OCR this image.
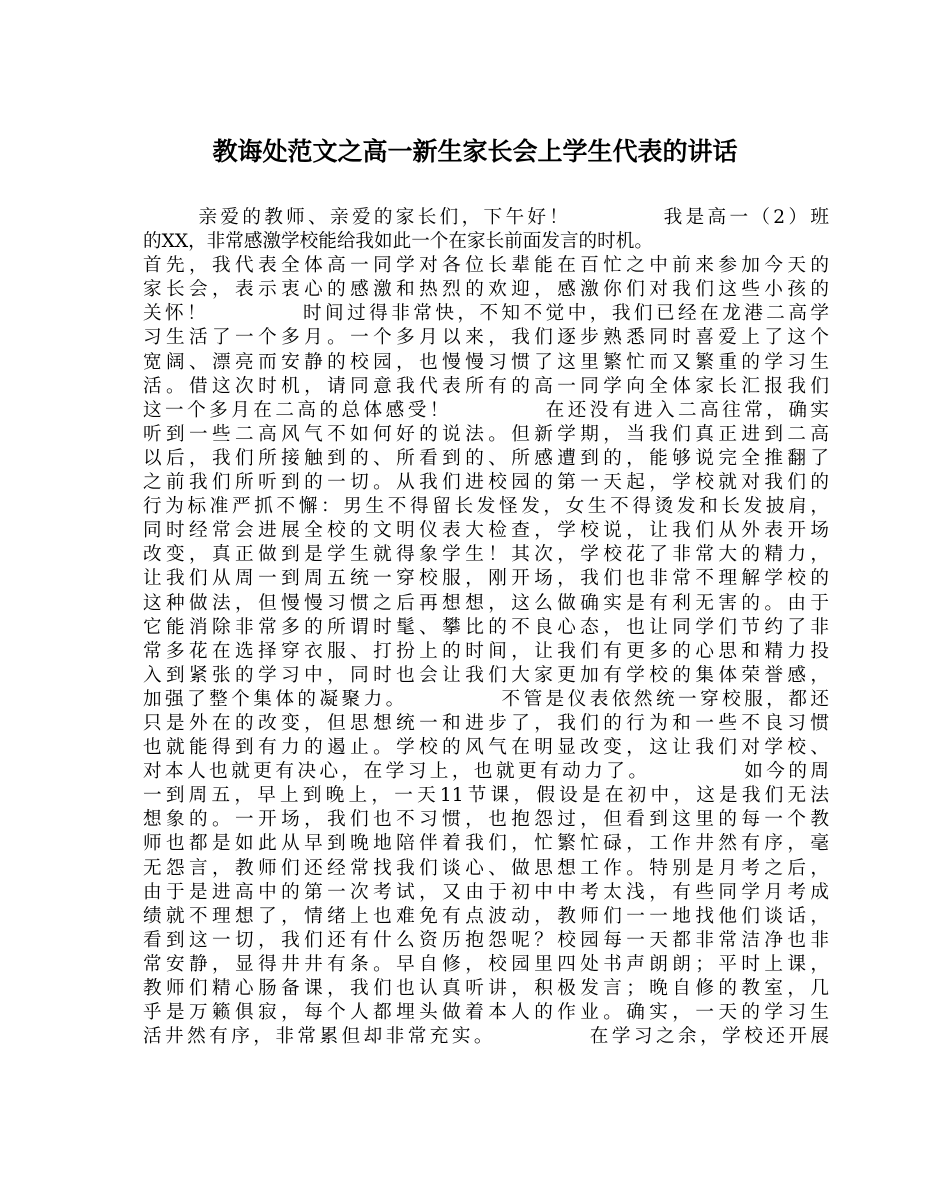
教诲处范文之高一新生家长会上学生代表的讲话
亲爱的教师、亲爱的家长们，下午好！          我是高一（2）班
的XX，非常感激学校能给我如此一个在家长前面发言的时机。
首先，我代表全体高一同学对各位长辈能在百忙之中前来参加今天的
家长会，表示衷心的感激和热烈的欢迎，感激你们对我们这些小孩的
关怀！          时间过得非常快，不知不觉中，我们已经在龙港二高学
习生活了一个多月。一个多月以来，我们逐步熟悉同时喜爱上了这个
宽阔、漂亮而安静的校园，也慢慢习惯了这里繁忙而又繁重的学习生
活。借这次时机，请同意我代表所有的高一同学向全体家长汇报我们
这一个多月在二高的总体感受！          在还没有进入二高往常，确实
听到一些二高风气不如何好的说法。但新学期，当我们真正进到二高
以后，我们所接触到的、所看到的、所感遭到的，能够说完全推翻了
之前我们所听到的一切。从我们进校园的第一天起，学校就对我们的
行为标准严抓不懈：男生不得留长发怪发，女生不得烫发和长发披肩，
同时经常会进展全校的文明仪表大检查，学校说，让我们从外表开场
改变，真正做到是学生就得象学生！其次，学校花了非常大的精力，
让我们从周一到周五统一穿校服，刚开场，我们也非常不理解学校的
这种做法，但慢慢习惯之后再想想，这么做确实是有利无害的。由于
它能消除非常多的所谓时髦、攀比的不良心态，也让同学们节约了非
常多花在选择穿衣服、打扮上的时间，让我们有更多的心思和精力投
入到紧张的学习中，同时也会让我们大家更加有学校的集体荣誉感，
加强了整个集体的凝聚力。          不管是仪表依然统一穿校服，都还
只是外在的改变，但思想统一和进步了，我们的行为和一些不良习惯
也就能得到有力的遏止。学校的风气在明显改变，这让我们对学校、
对本人也就更有决心，在学习上，也就更有动力了。          如今的周
一到周五，早上到晚上，一天11节课，假设是在初中，这是我们无法
想象的。一开场，我们也不习惯，也抱怨过，但看到这里的每一个教
师也都是如此从早到晚地陪伴着我们，忙繁忙碌，工作井然有序，毫
无怨言，教师们还经常找我们谈心、做思想工作。特别是月考之后，
由于是进高中的第一次考试，又由于初中中考太浅，有些同学月考成
绩就不理想了，情绪上也难免有点波动，教师们一一地找他们谈话，
看到这一切，我们还有什么资历抱怨呢？校园每一天都非常洁净也非
常安静，显得井井有条。早自修，校园里四处书声朗朗；平时上课，
教师们精心肠备课，我们也认真听讲，积极发言；晚自修的教室，几
乎是万籁俱寂，每个人都埋头做着本人的作业。确实，一天的学习生
活井然有序，非常累但却非常充实。          在学习之余，学校还开展
